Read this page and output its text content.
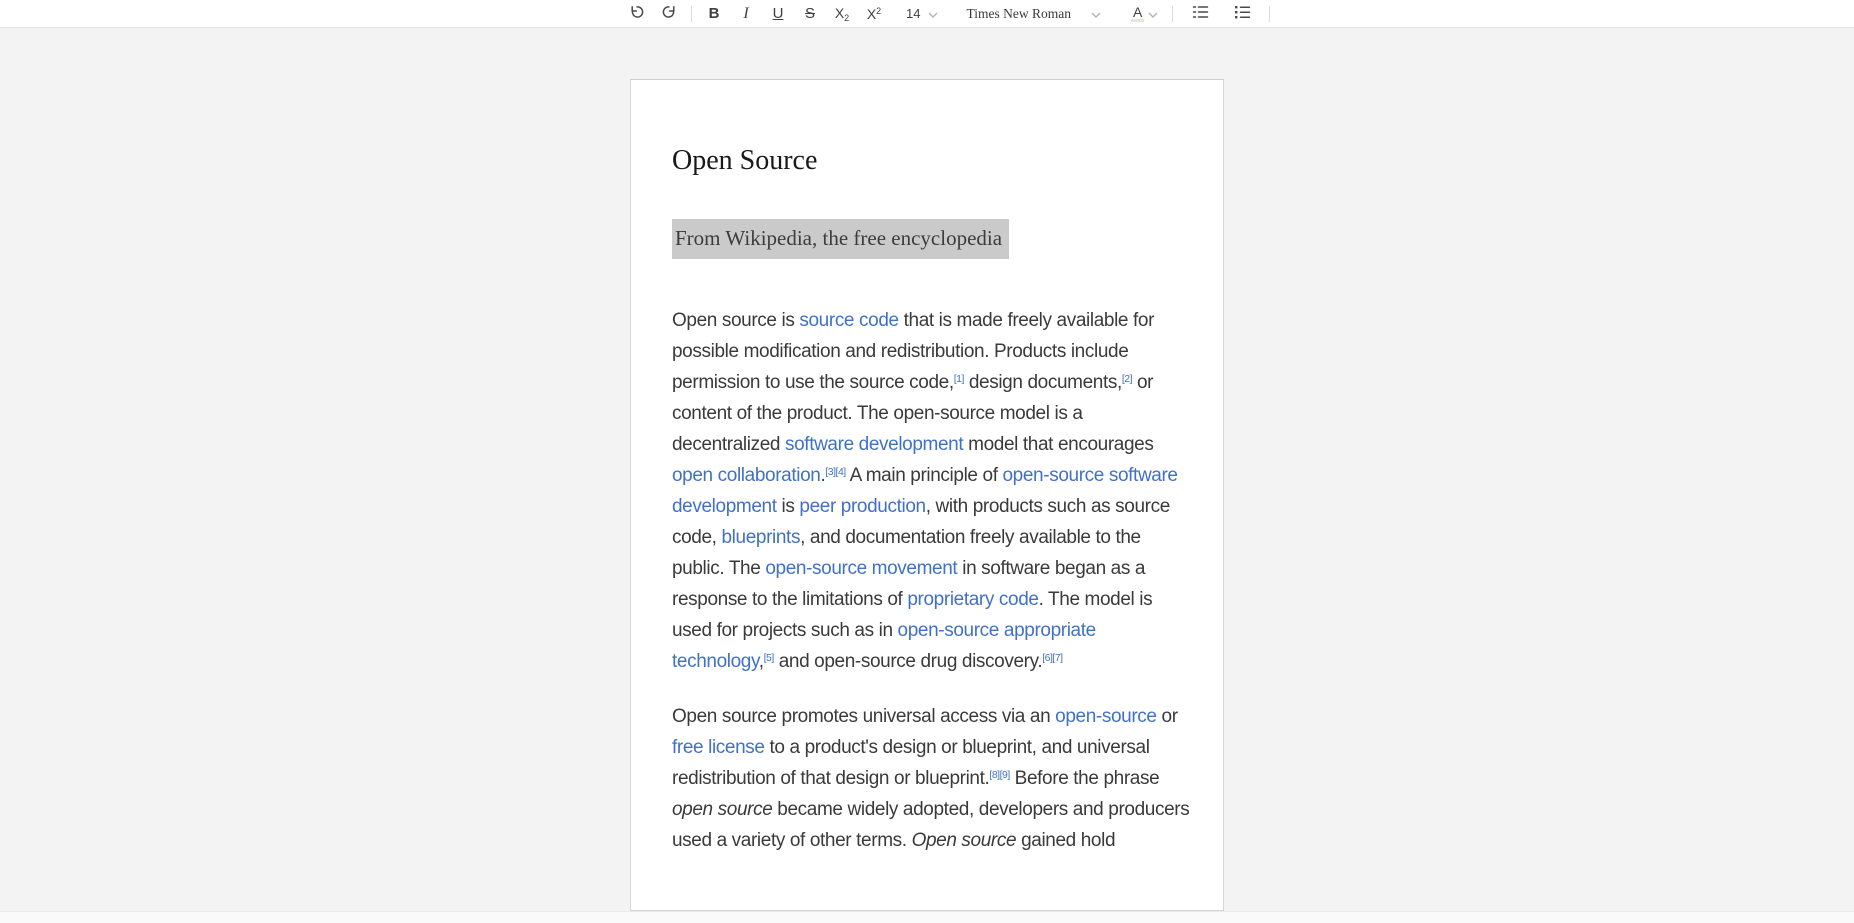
B I U S $X_2$ $X^2$	14	Times New Roman	A
Open Source
From Wikipedia, the free encyclopedia

Open source is source code that is made freely available for possible modification and redistribution. Products include permission to use the source code,[1] design documents,[2] or content of the product. The open-source model is a decentralized software development model that encourages open collaboration.[3][4] A main principle of open-source software development is peer production, with products such as source code, blueprints, and documentation freely available to the public. The open-source movement in software began as a response to the limitations of proprietary code. The model is used for projects such as in open-source appropriate technology,[5] and open-source drug discovery.[6][7]

Open source promotes universal access via an open-source or free license to a product's design or blueprint, and universal redistribution of that design or blueprint.[8][9] Before the phrase open source became widely adopted, developers and producers used a variety of other terms. Open source gained hold
